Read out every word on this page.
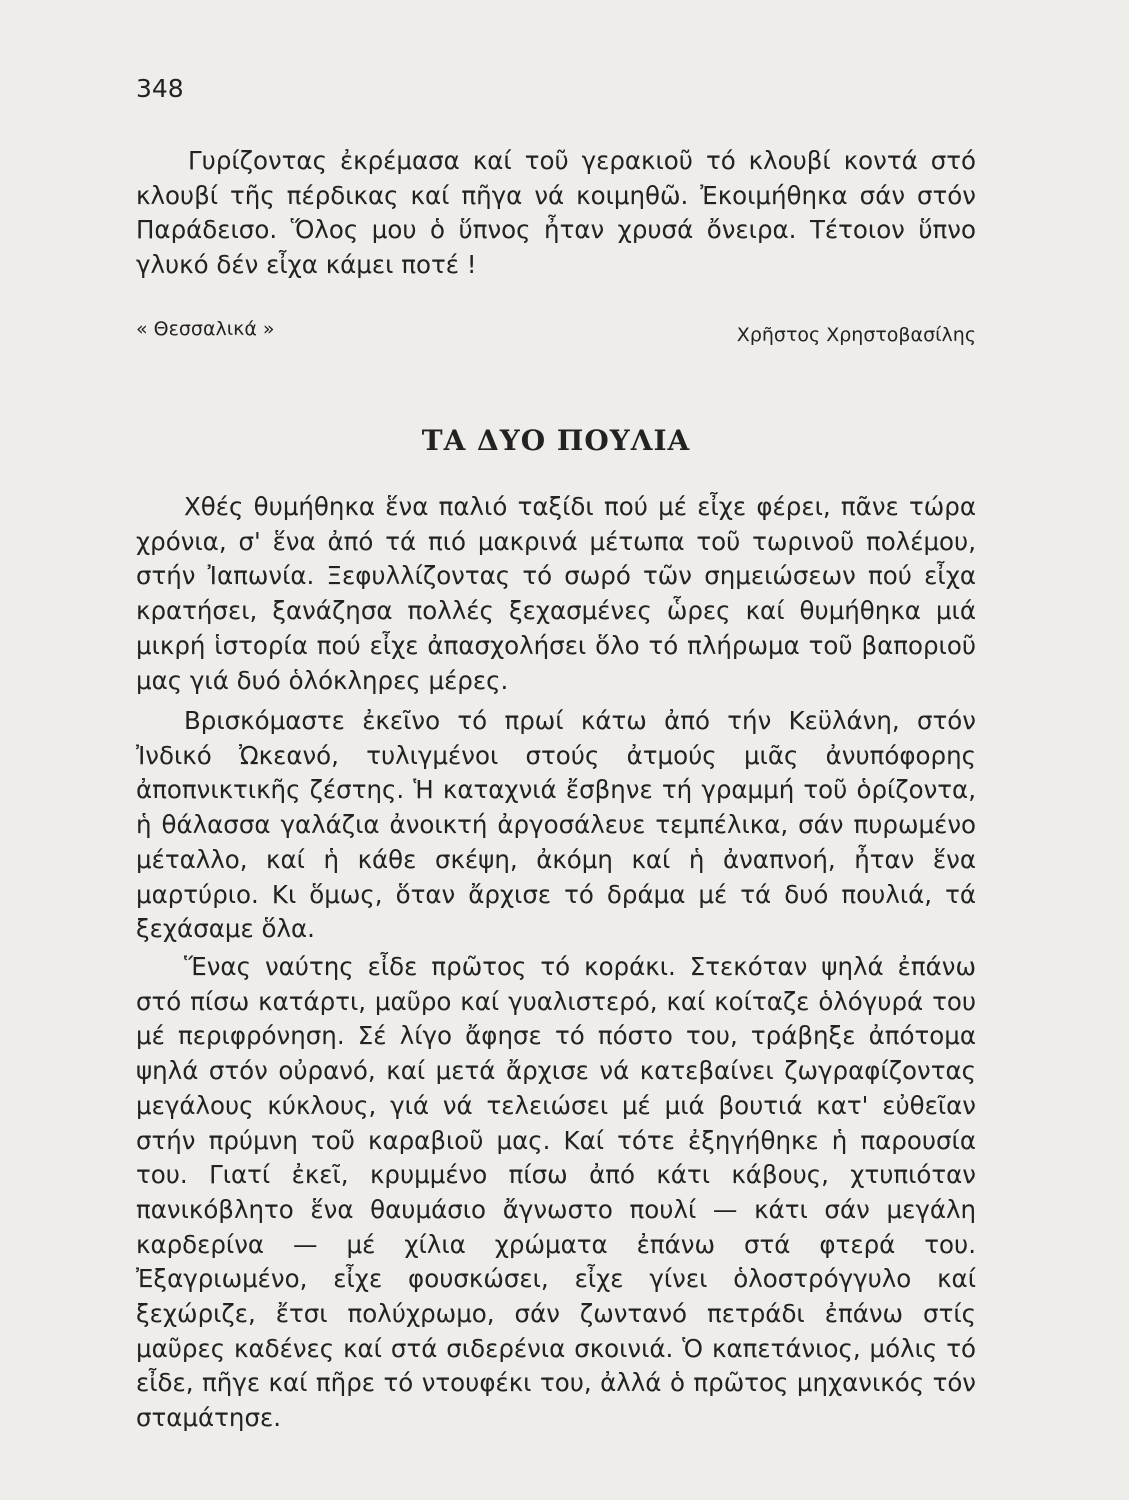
348

Γυρίζοντας ἐκρέμασα καί τοῦ γερακιοῦ τό κλουβί κοντά στό κλουβί τῆς πέρδικας καί πῆγα νά κοιμηθῶ. Ἐκοιμήθηκα σάν στόν Παράδεισο. Ὅλος μου ὁ ὕπνος ἦταν χρυσά ὄνειρα. Τέτοιον ὕπνο γλυκό δέν εἶχα κάμει ποτέ !

« Θεσσαλικά »	Χρῆστος Χρηστοβασίλης
ΤΑ ΔΥΟ ΠΟΥΛΙΑ

Χθές θυμήθηκα ἕνα παλιό ταξίδι πού μέ εἶχε φέρει, πᾶνε τώρα χρόνια, σ' ἕνα ἀπό τά πιό μακρινά μέτωπα τοῦ τωρινοῦ πολέμου, στήν Ἰαπωνία. Ξεφυλλίζοντας τό σωρό τῶν σημειώσεων πού εἶχα κρατήσει, ξανάζησα πολλές ξεχασμένες ὧρες καί θυμήθηκα μιά μικρή ἱστορία πού εἶχε ἀπασχολήσει ὅλο τό πλήρωμα τοῦ βαποριοῦ μας γιά δυό ὁλόκληρες μέρες.

Βρισκόμαστε ἐκεῖνο τό πρωί κάτω ἀπό τήν Κεϋλάνη, στόν Ἰνδικό Ὠκεανό, τυλιγμένοι στούς ἀτμούς μιᾶς ἀνυπόφορης ἀποπνικτικῆς ζέστης. Ἡ καταχνιά ἔσβηνε τή γραμμή τοῦ ὁρίζοντα, ἡ θάλασσα γαλάζια ἀνοικτή ἀργοσάλευε τεμπέλικα, σάν πυρωμένο μέταλλο, καί ἡ κάθε σκέψη, ἀκόμη καί ἡ ἀναπνοή, ἦταν ἕνα μαρτύριο. Κι ὅμως, ὅταν ἄρχισε τό δράμα μέ τά δυό πουλιά, τά ξεχάσαμε ὅλα.

Ἕνας ναύτης εἶδε πρῶτος τό κοράκι. Στεκόταν ψηλά ἐπάνω στό πίσω κατάρτι, μαῦρο καί γυαλιστερό, καί κοίταζε ὁλόγυρά του μέ περιφρόνηση. Σέ λίγο ἄφησε τό πόστο του, τράβηξε ἀπότομα ψηλά στόν οὐρανό, καί μετά ἄρχισε νά κατεβαίνει ζωγραφίζοντας μεγάλους κύκλους, γιά νά τελειώσει μέ μιά βουτιά κατ' εὐθεῖαν στήν πρύμνη τοῦ καραβιοῦ μας. Καί τότε ἐξηγήθηκε ἡ παρουσία του. Γιατί ἐκεῖ, κρυμμένο πίσω ἀπό κάτι κάβους, χτυπιόταν πανικόβλητο ἕνα θαυμάσιο ἄγνωστο πουλί — κάτι σάν μεγάλη καρδερίνα — μέ χίλια χρώματα ἐπάνω στά φτερά του. Ἐξαγριωμένο, εἶχε φουσκώσει, εἶχε γίνει ὁλοστρόγγυλο καί ξεχώριζε, ἔτσι πολύχρωμο, σάν ζωντανό πετράδι ἐπάνω στίς μαῦρες καδένες καί στά σιδερένια σκοινιά. Ὁ καπετάνιος, μόλις τό εἶδε, πῆγε καί πῆρε τό ντουφέκι του, ἀλλά ὁ πρῶτος μηχανικός τόν σταμάτησε.
